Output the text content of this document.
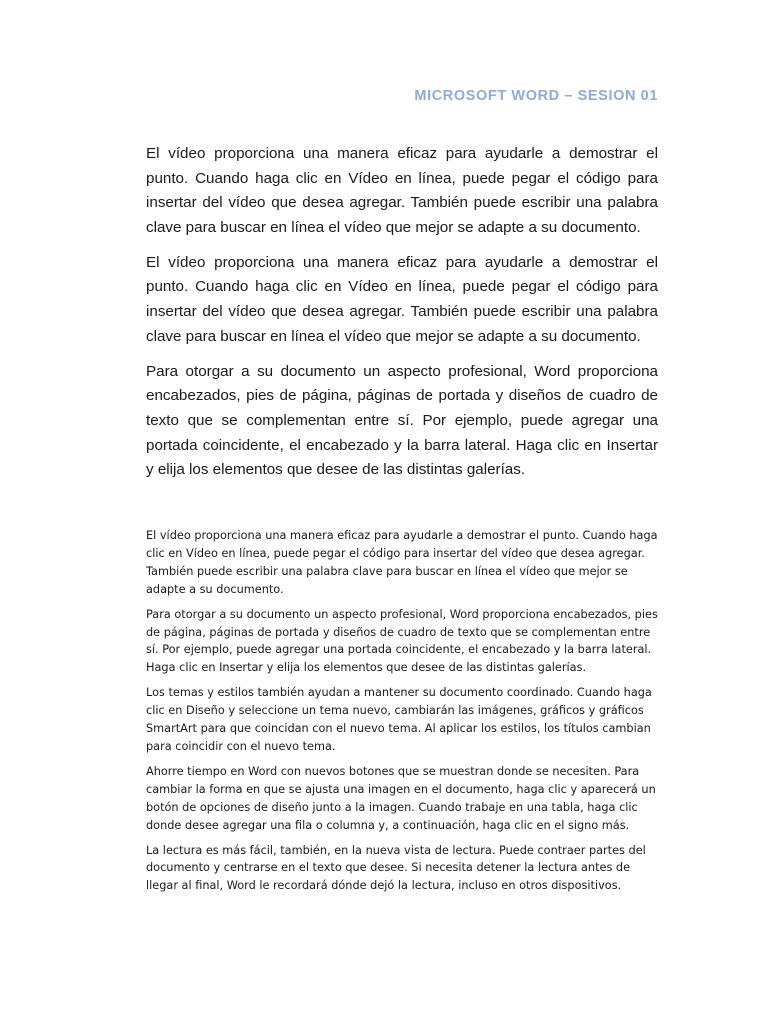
MICROSOFT WORD – SESION 01

El vídeo proporciona una manera eficaz para ayudarle a demostrar el punto. Cuando haga clic en Vídeo en línea, puede pegar el código para insertar del vídeo que desea agregar. También puede escribir una palabra clave para buscar en línea el vídeo que mejor se adapte a su documento.

El vídeo proporciona una manera eficaz para ayudarle a demostrar el punto. Cuando haga clic en Vídeo en línea, puede pegar el código para insertar del vídeo que desea agregar. También puede escribir una palabra clave para buscar en línea el vídeo que mejor se adapte a su documento.

Para otorgar a su documento un aspecto profesional, Word proporciona encabezados, pies de página, páginas de portada y diseños de cuadro de texto que se complementan entre sí. Por ejemplo, puede agregar una portada coincidente, el encabezado y la barra lateral. Haga clic en Insertar y elija los elementos que desee de las distintas galerías.

El vídeo proporciona una manera eficaz para ayudarle a demostrar el punto. Cuando haga clic en Vídeo en línea, puede pegar el código para insertar del vídeo que desea agregar. También puede escribir una palabra clave para buscar en línea el vídeo que mejor se adapte a su documento.

Para otorgar a su documento un aspecto profesional, Word proporciona encabezados, pies de página, páginas de portada y diseños de cuadro de texto que se complementan entre sí. Por ejemplo, puede agregar una portada coincidente, el encabezado y la barra lateral. Haga clic en Insertar y elija los elementos que desee de las distintas galerías.

Los temas y estilos también ayudan a mantener su documento coordinado. Cuando haga clic en Diseño y seleccione un tema nuevo, cambiarán las imágenes, gráficos y gráficos SmartArt para que coincidan con el nuevo tema. Al aplicar los estilos, los títulos cambian para coincidir con el nuevo tema.

Ahorre tiempo en Word con nuevos botones que se muestran donde se necesiten. Para cambiar la forma en que se ajusta una imagen en el documento, haga clic y aparecerá un botón de opciones de diseño junto a la imagen. Cuando trabaje en una tabla, haga clic donde desee agregar una fila o columna y, a continuación, haga clic en el signo más.

La lectura es más fácil, también, en la nueva vista de lectura. Puede contraer partes del documento y centrarse en el texto que desee. Si necesita detener la lectura antes de llegar al final, Word le recordará dónde dejó la lectura, incluso en otros dispositivos.
